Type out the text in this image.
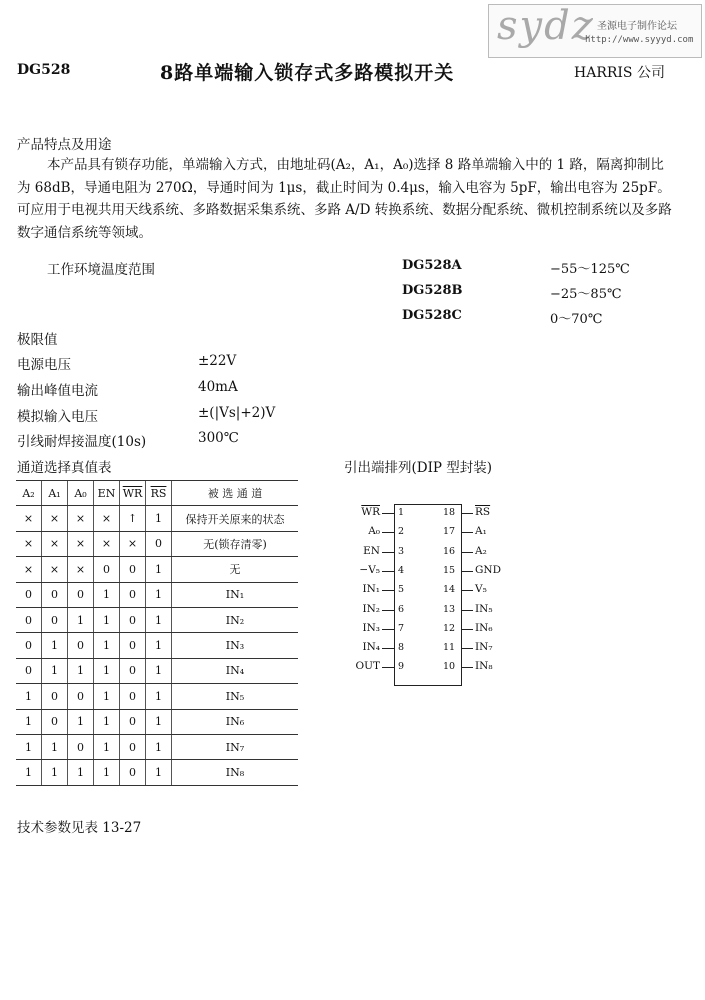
sydz 圣源电子制作论坛
http://www.syyyd.com
DG528	8路单端输入锁存式多路模拟开关	HARRIS 公司
产品特点及用途
本产品具有锁存功能，单端输入方式，由地址码(A₂，A₁，A₀)选择 8 路单端输入中的 1 路，隔离抑制比为 68dB，导通电阻为 270Ω，导通时间为 1μs，截止时间为 0.4μs，输入电容为 5pF，输出电容为 25pF。可应用于电视共用天线系统、多路数据采集系统、多路 A/D 转换系统、数据分配系统、微机控制系统以及多路数字通信系统等领域。
工作环境温度范围	DG528A	−55～125℃
DG528B	−25～85℃
DG528C	0～70℃
极限值
电源电压	±22V
输出峰值电流	40mA
模拟输入电压	±(|Vs|+2)V
引线耐焊接温度(10s)	300℃
通道选择真值表	引出端排列(DIP 型封装)
A₂	A₁	A₀	EN	$\overline{WR}$	$\overline{RS}$	被 选 通 道
×	×	×	×	↑	1	保持开关原来的状态
×	×	×	×	×	0	无(锁存清零)
×	×	×	0	0	1	无
0	0	0	1	0	1	IN₁
0	0	1	1	0	1	IN₂
0	1	0	1	0	1	IN₃
0	1	1	1	0	1	IN₄
1	0	0	1	0	1	IN₅
1	0	1	1	0	1	IN₆
1	1	0	1	0	1	IN₇
1	1	1	1	0	1	IN₈
$\overline{WR}$ 1
A₀ 2
EN 3
−V₅ 4
IN₁ 5
IN₂ 6
IN₃ 7
IN₄ 8
OUT 9
18 $\overline{RS}$
17 A₁
16 A₂
15 GND
14 V₅
13 IN₅
12 IN₆
11 IN₇
10 IN₈
技术参数见表 13-27
